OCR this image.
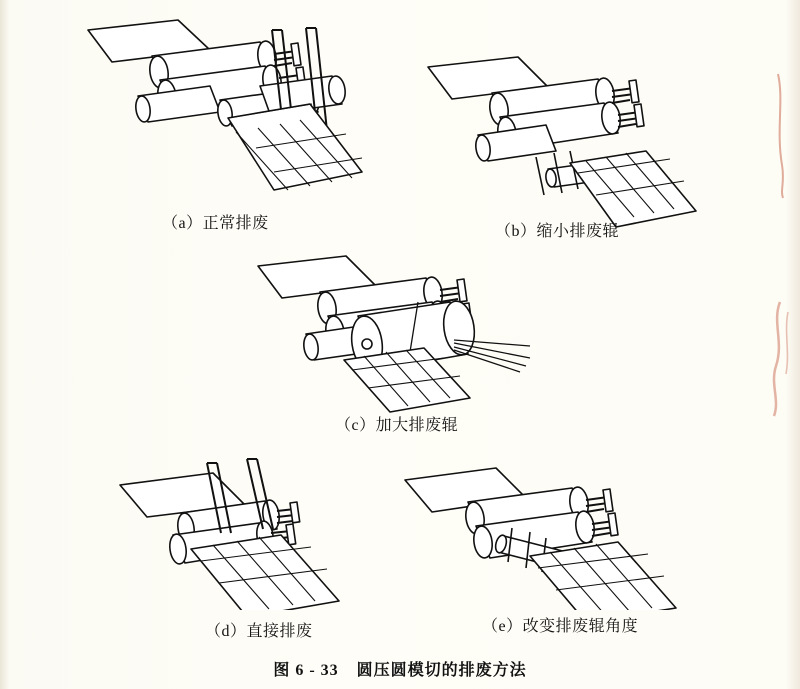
（a）正常排废	（b）缩小排废辊
（c）加大排废辊
（d）直接排废	（e）改变排废辊角度
图 6 - 33 圆压圆模切的排废方法
